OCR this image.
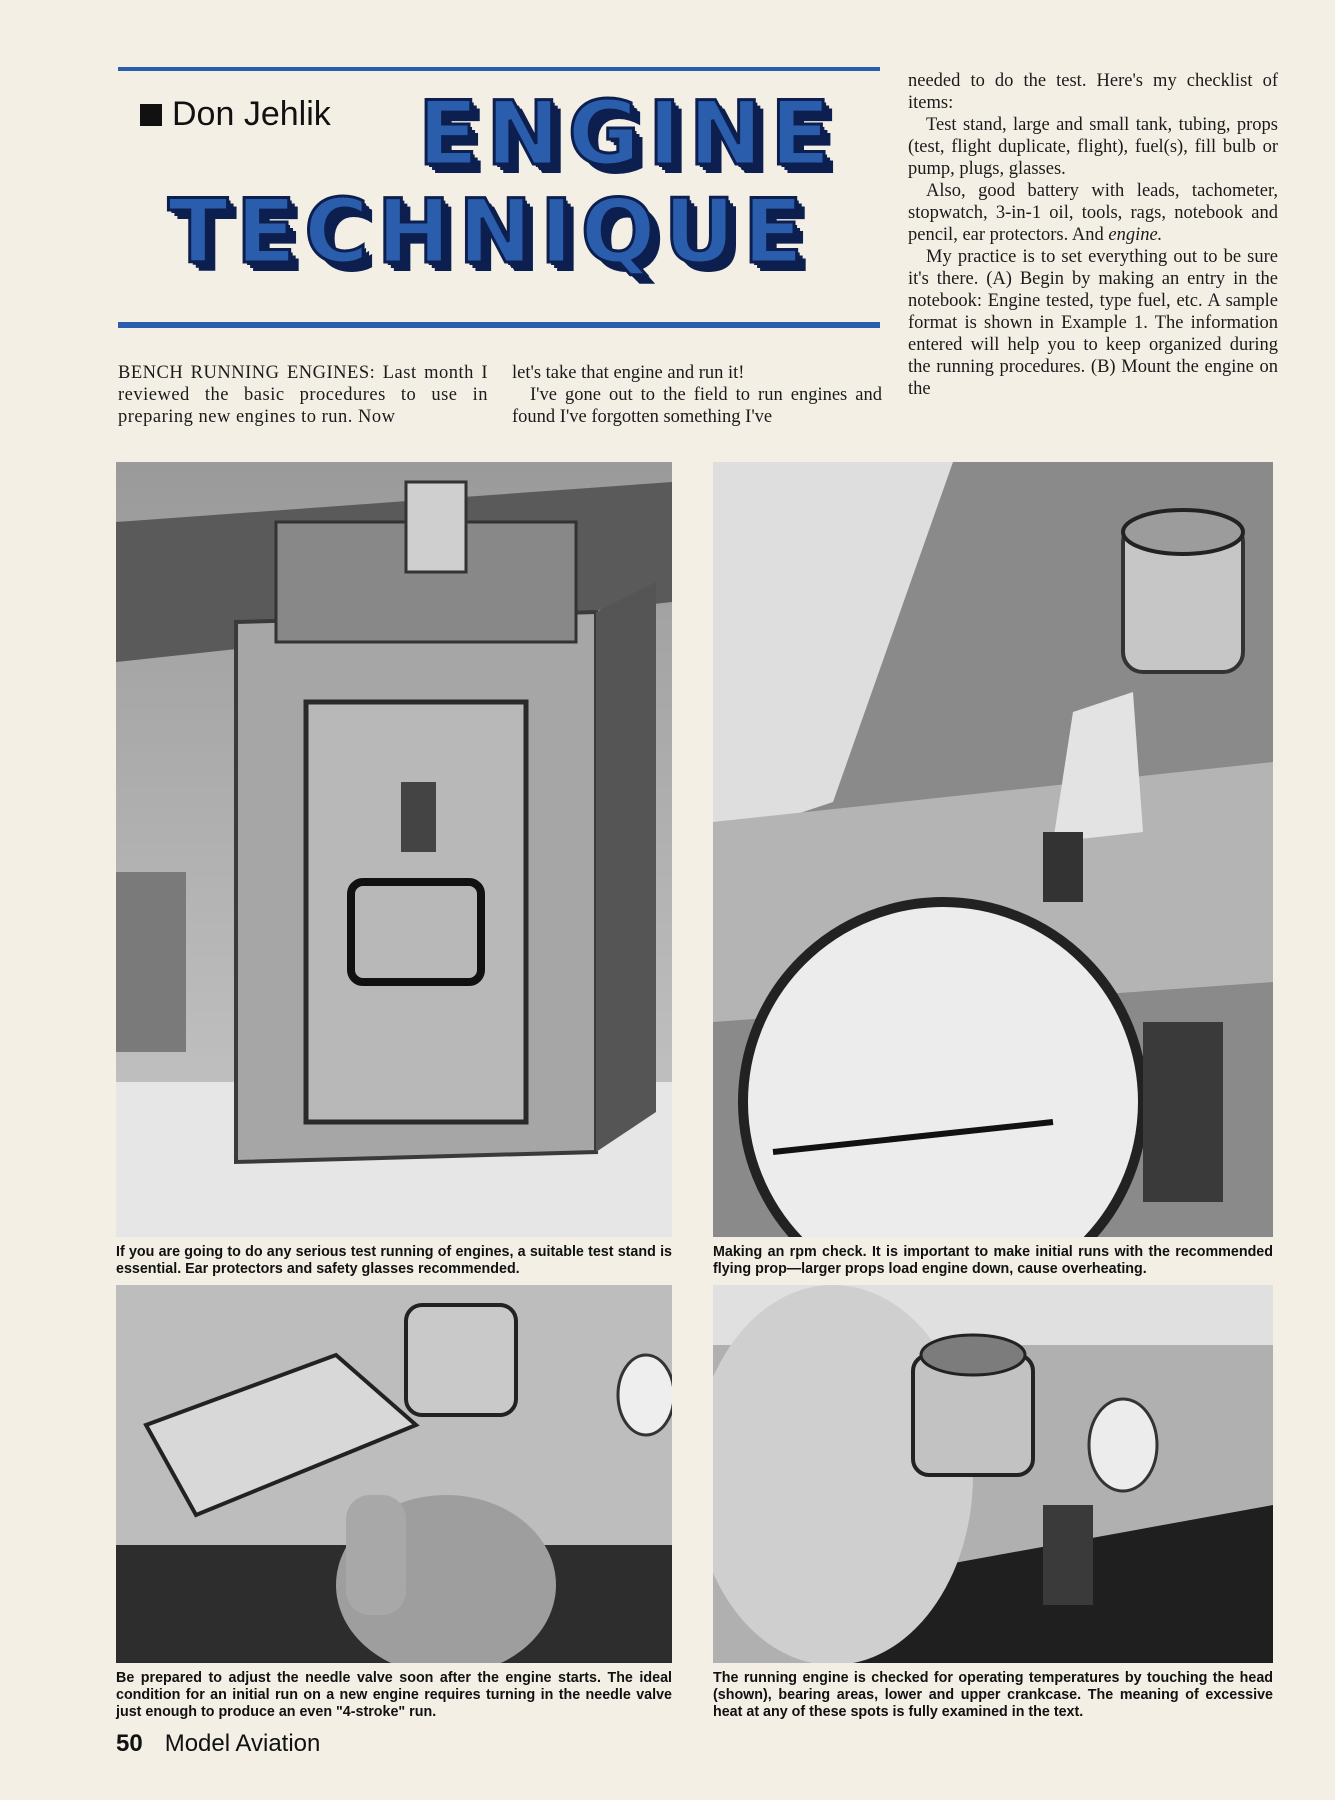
Don Jehlik ENGINE
TECHNIQUE

BENCH RUNNING ENGINES: Last month I reviewed the basic procedures to use in preparing new engines to run. Now

let's take that engine and run it!

I've gone out to the field to run engines and found I've forgotten something I've

needed to do the test. Here's my checklist of items:

Test stand, large and small tank, tubing, props (test, flight duplicate, flight), fuel(s), fill bulb or pump, plugs, glasses.

Also, good battery with leads, tachometer, stopwatch, 3-in-1 oil, tools, rags, notebook and pencil, ear protectors. And engine.

My practice is to set everything out to be sure it's there. (A) Begin by making an entry in the notebook: Engine tested, type fuel, etc. A sample format is shown in Example 1. The information entered will help you to keep organized during the running procedures. (B) Mount the engine on the

If you are going to do any serious test running of engines, a suitable test stand is essential. Ear protectors and safety glasses recommended.
Making an rpm check. It is important to make initial runs with the recommended flying prop—larger props load engine down, cause overheating.
Be prepared to adjust the needle valve soon after the engine starts. The ideal condition for an initial run on a new engine requires turning in the needle valve just enough to produce an even "4-stroke" run.
The running engine is checked for operating temperatures by touching the head (shown), bearing areas, lower and upper crankcase. The meaning of excessive heat at any of these spots is fully examined in the text.
50 Model Aviation
